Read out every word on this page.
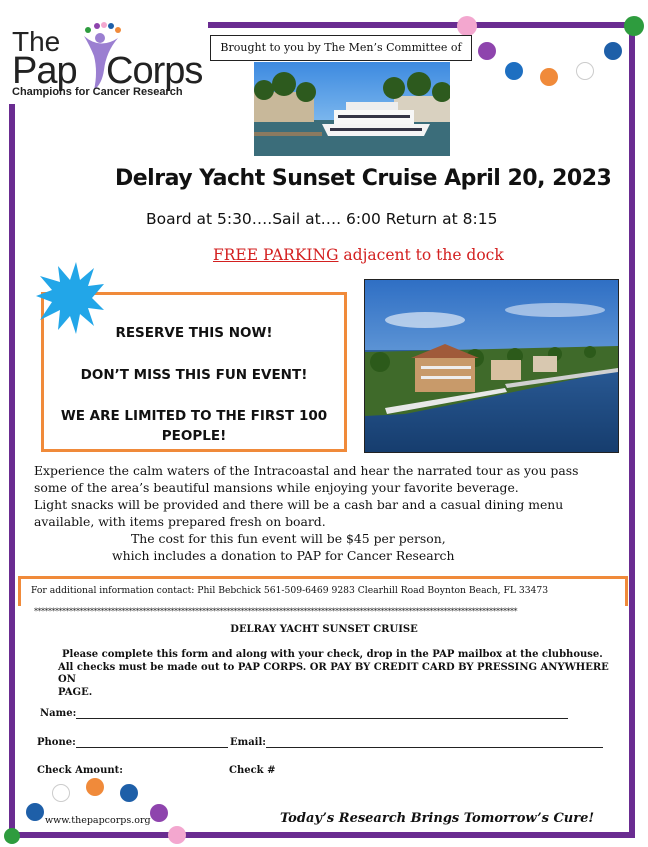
The
Pap Corps
Champions for Cancer Research
Brought to you by The Men’s Committee of
Delray Yacht Sunset Cruise April 20, 2023
Board at 5:30….Sail at…. 6:00 Return at 8:15
FREE PARKING adjacent to the dock
RESERVE THIS NOW!
DON’T MISS THIS FUN EVENT!
WE ARE LIMITED TO THE FIRST 100
PEOPLE!

Experience the calm waters of the Intracoastal and hear the narrated tour as you pass

some of the area’s beautiful mansions while enjoying your favorite beverage.

Light snacks will be provided and there will be a cash bar and a casual dining menu

available, with items prepared fresh on board.

The cost for this fun event will be $45 per person,
which includes a donation to PAP for Cancer Research
For additional information contact: Phil Bebchick 561-509-6469 9283 Clearhill Road Boynton Beach, FL 33473
******************************************************************************************************************************************
DELRAY YACHT SUNSET CRUISE
Please complete this form and along with your check, drop in the PAP mailbox at the clubhouse.
All checks must be made out to PAP CORPS. OR PAY BY CREDIT CARD BY PRESSING ANYWHERE ON
PAGE.
Name:
Phone:	Email:
Check Amount:	Check #
www.thepapcorps.org	Today’s Research Brings Tomorrow’s Cure!
